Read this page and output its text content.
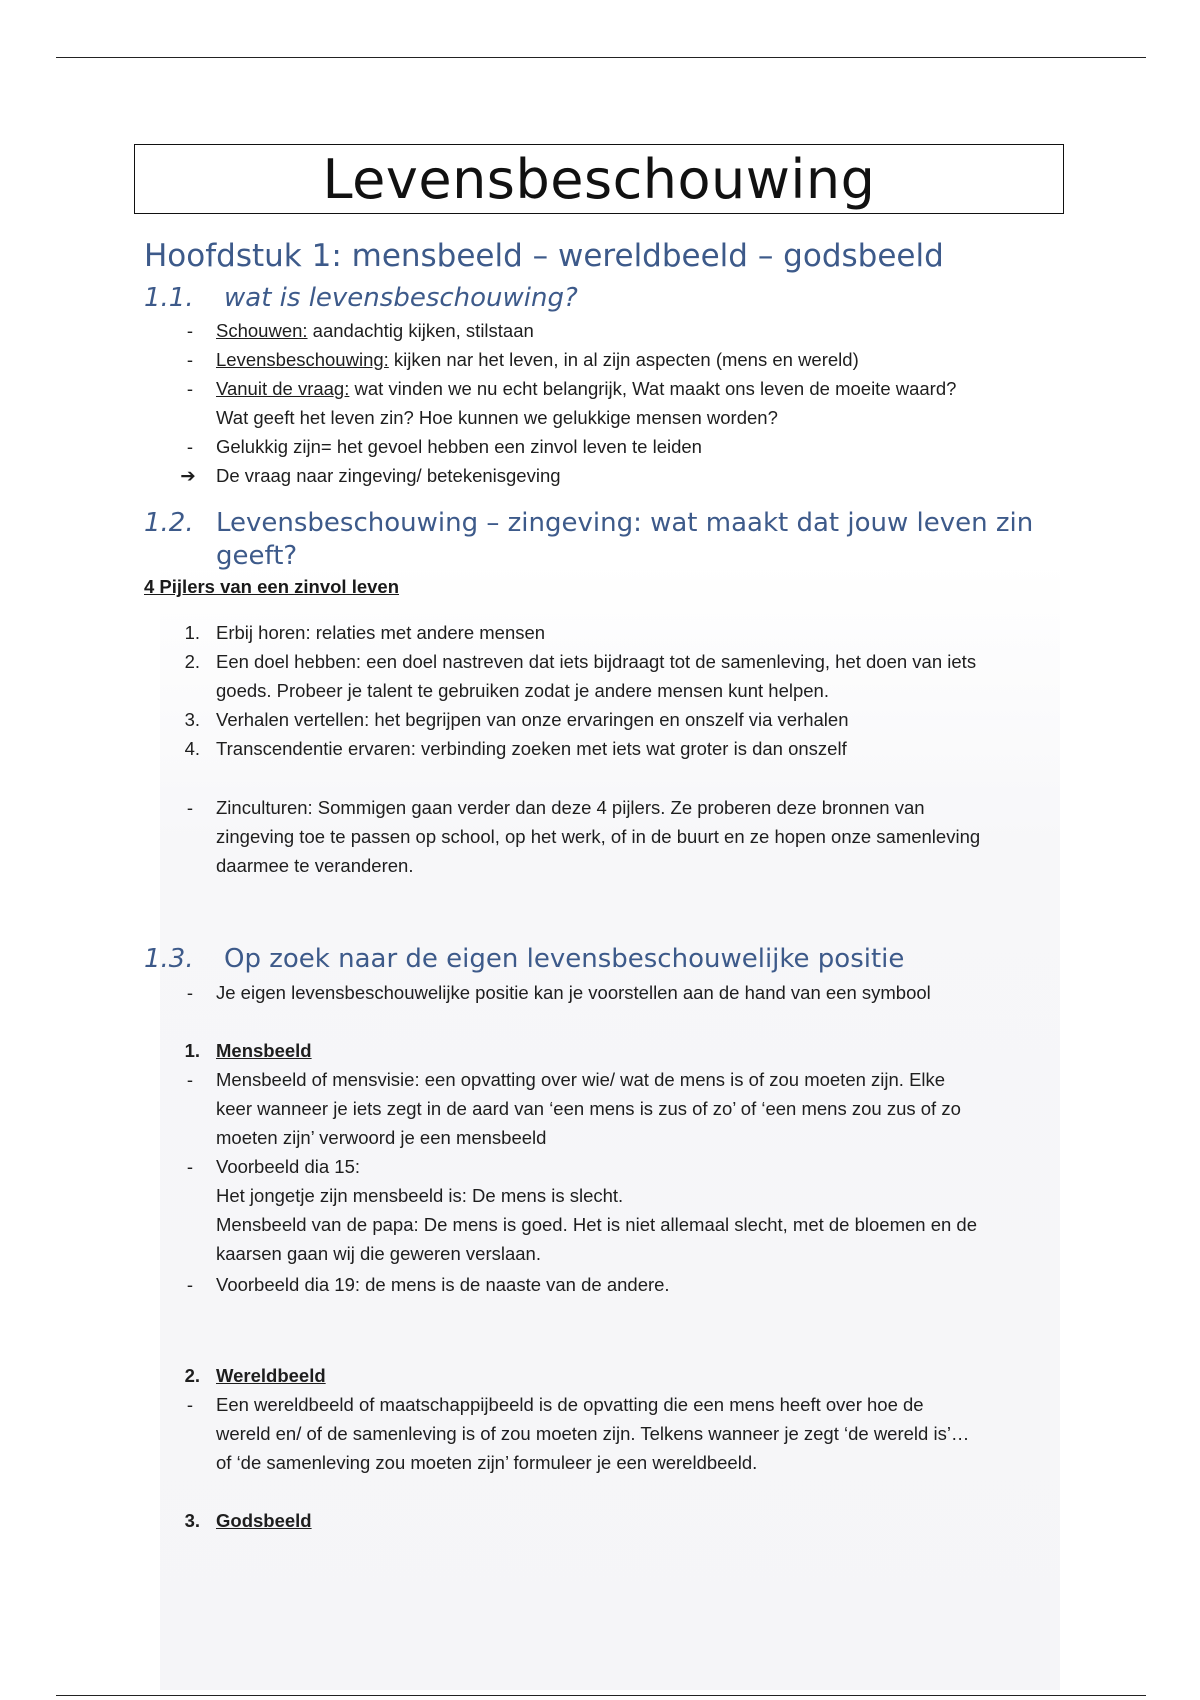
Levensbeschouwing
Hoofdstuk 1: mensbeeld – wereldbeeld – godsbeeld
1.1. wat is levensbeschouwing?
-	Schouwen: aandachtig kijken, stilstaan
-	Levensbeschouwing: kijken nar het leven, in al zijn aspecten (mens en wereld)
-	Vanuit de vraag: wat vinden we nu echt belangrijk, Wat maakt ons leven de moeite waard?
Wat geeft het leven zin? Hoe kunnen we gelukkige mensen worden?
-	Gelukkig zijn= het gevoel hebben een zinvol leven te leiden
➔ De vraag naar zingeving/ betekenisgeving
1.2. Levensbeschouwing – zingeving: wat maakt dat jouw leven zin
geeft?
4 Pijlers van een zinvol leven
1. Erbij horen: relaties met andere mensen
2. Een doel hebben: een doel nastreven dat iets bijdraagt tot de samenleving, het doen van iets
goeds. Probeer je talent te gebruiken zodat je andere mensen kunt helpen.
3. Verhalen vertellen: het begrijpen van onze ervaringen en onszelf via verhalen
4. Transcendentie ervaren: verbinding zoeken met iets wat groter is dan onszelf
-	Zinculturen: Sommigen gaan verder dan deze 4 pijlers. Ze proberen deze bronnen van
zingeving toe te passen op school, op het werk, of in de buurt en ze hopen onze samenleving
daarmee te veranderen.
1.3. Op zoek naar de eigen levensbeschouwelijke positie
-	Je eigen levensbeschouwelijke positie kan je voorstellen aan de hand van een symbool
1. Mensbeeld
-	Mensbeeld of mensvisie: een opvatting over wie/ wat de mens is of zou moeten zijn. Elke
keer wanneer je iets zegt in de aard van ‘een mens is zus of zo’ of ‘een mens zou zus of zo
moeten zijn’ verwoord je een mensbeeld
-	Voorbeeld dia 15:
Het jongetje zijn mensbeeld is: De mens is slecht.
Mensbeeld van de papa: De mens is goed. Het is niet allemaal slecht, met de bloemen en de
kaarsen gaan wij die geweren verslaan.
-	Voorbeeld dia 19: de mens is de naaste van de andere.
2. Wereldbeeld
-	Een wereldbeeld of maatschappijbeeld is de opvatting die een mens heeft over hoe de
wereld en/ of de samenleving is of zou moeten zijn. Telkens wanneer je zegt ‘de wereld is’…
of ‘de samenleving zou moeten zijn’ formuleer je een wereldbeeld.
3. Godsbeeld
